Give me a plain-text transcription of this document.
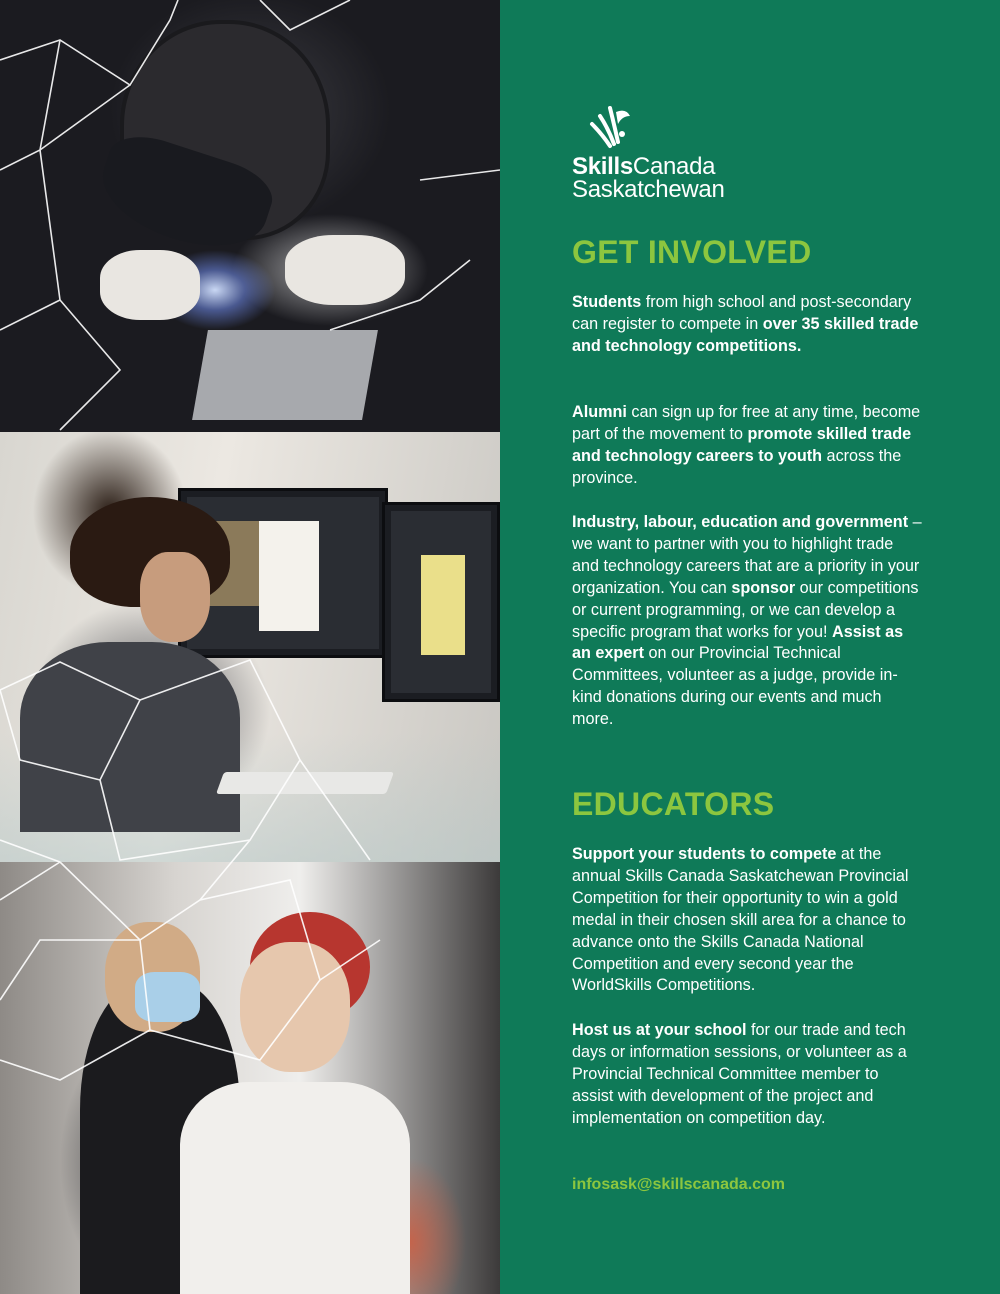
SkillsCanada
Saskatchewan
GET INVOLVED

Students from high school and post-secondary can register to compete in over 35 skilled trade and technology competitions.

Alumni can sign up for free at any time, become part of the movement to promote skilled trade and technology careers to youth across the province.

Industry, labour, education and government – we want to partner with you to highlight trade and technology careers that are a priority in your organization. You can sponsor our competitions or current programming, or we can develop a specific program that works for you! Assist as an expert on our Provincial Technical Committees, volunteer as a judge, provide in-kind donations during our events and much more.

EDUCATORS

Support your students to compete at the annual Skills Canada Saskatchewan Provincial Competition for their opportunity to win a gold medal in their chosen skill area for a chance to advance onto the Skills Canada National Competition and every second year the WorldSkills Competitions.

Host us at your school for our trade and tech days or information sessions, or volunteer as a Provincial Technical Committee member to assist with development of the project and implementation on competition day.

infosask@skillscanada.com
